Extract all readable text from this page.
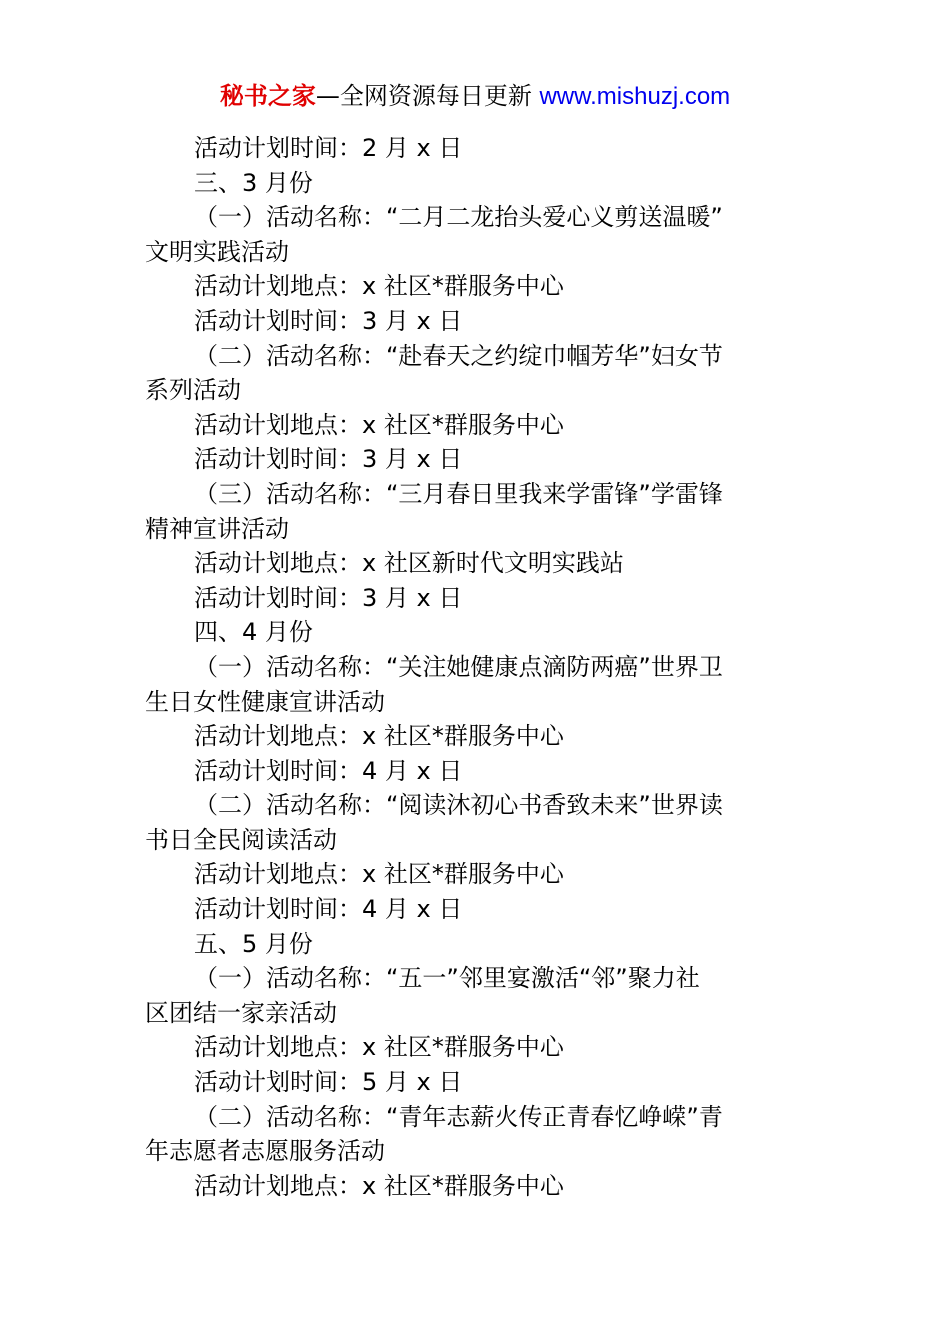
秘书之家—全网资源每日更新 www.mishuzj.com
活动计划时间：2 月 x 日
三、3 月份
（一）活动名称：“二月二龙抬头爱心义剪送温暖”
文明实践活动
活动计划地点：x 社区*群服务中心
活动计划时间：3 月 x 日
（二）活动名称：“赴春天之约绽巾帼芳华”妇女节
系列活动
活动计划地点：x 社区*群服务中心
活动计划时间：3 月 x 日
（三）活动名称：“三月春日里我来学雷锋”学雷锋
精神宣讲活动
活动计划地点：x 社区新时代文明实践站
活动计划时间：3 月 x 日
四、4 月份
（一）活动名称：“关注她健康点滴防两癌”世界卫
生日女性健康宣讲活动
活动计划地点：x 社区*群服务中心
活动计划时间：4 月 x 日
（二）活动名称：“阅读沐初心书香致未来”世界读
书日全民阅读活动
活动计划地点：x 社区*群服务中心
活动计划时间：4 月 x 日
五、5 月份
（一）活动名称：“五一”邻里宴激活“邻”聚力社
区团结一家亲活动
活动计划地点：x 社区*群服务中心
活动计划时间：5 月 x 日
（二）活动名称：“青年志薪火传正青春忆峥嵘”青
年志愿者志愿服务活动
活动计划地点：x 社区*群服务中心
